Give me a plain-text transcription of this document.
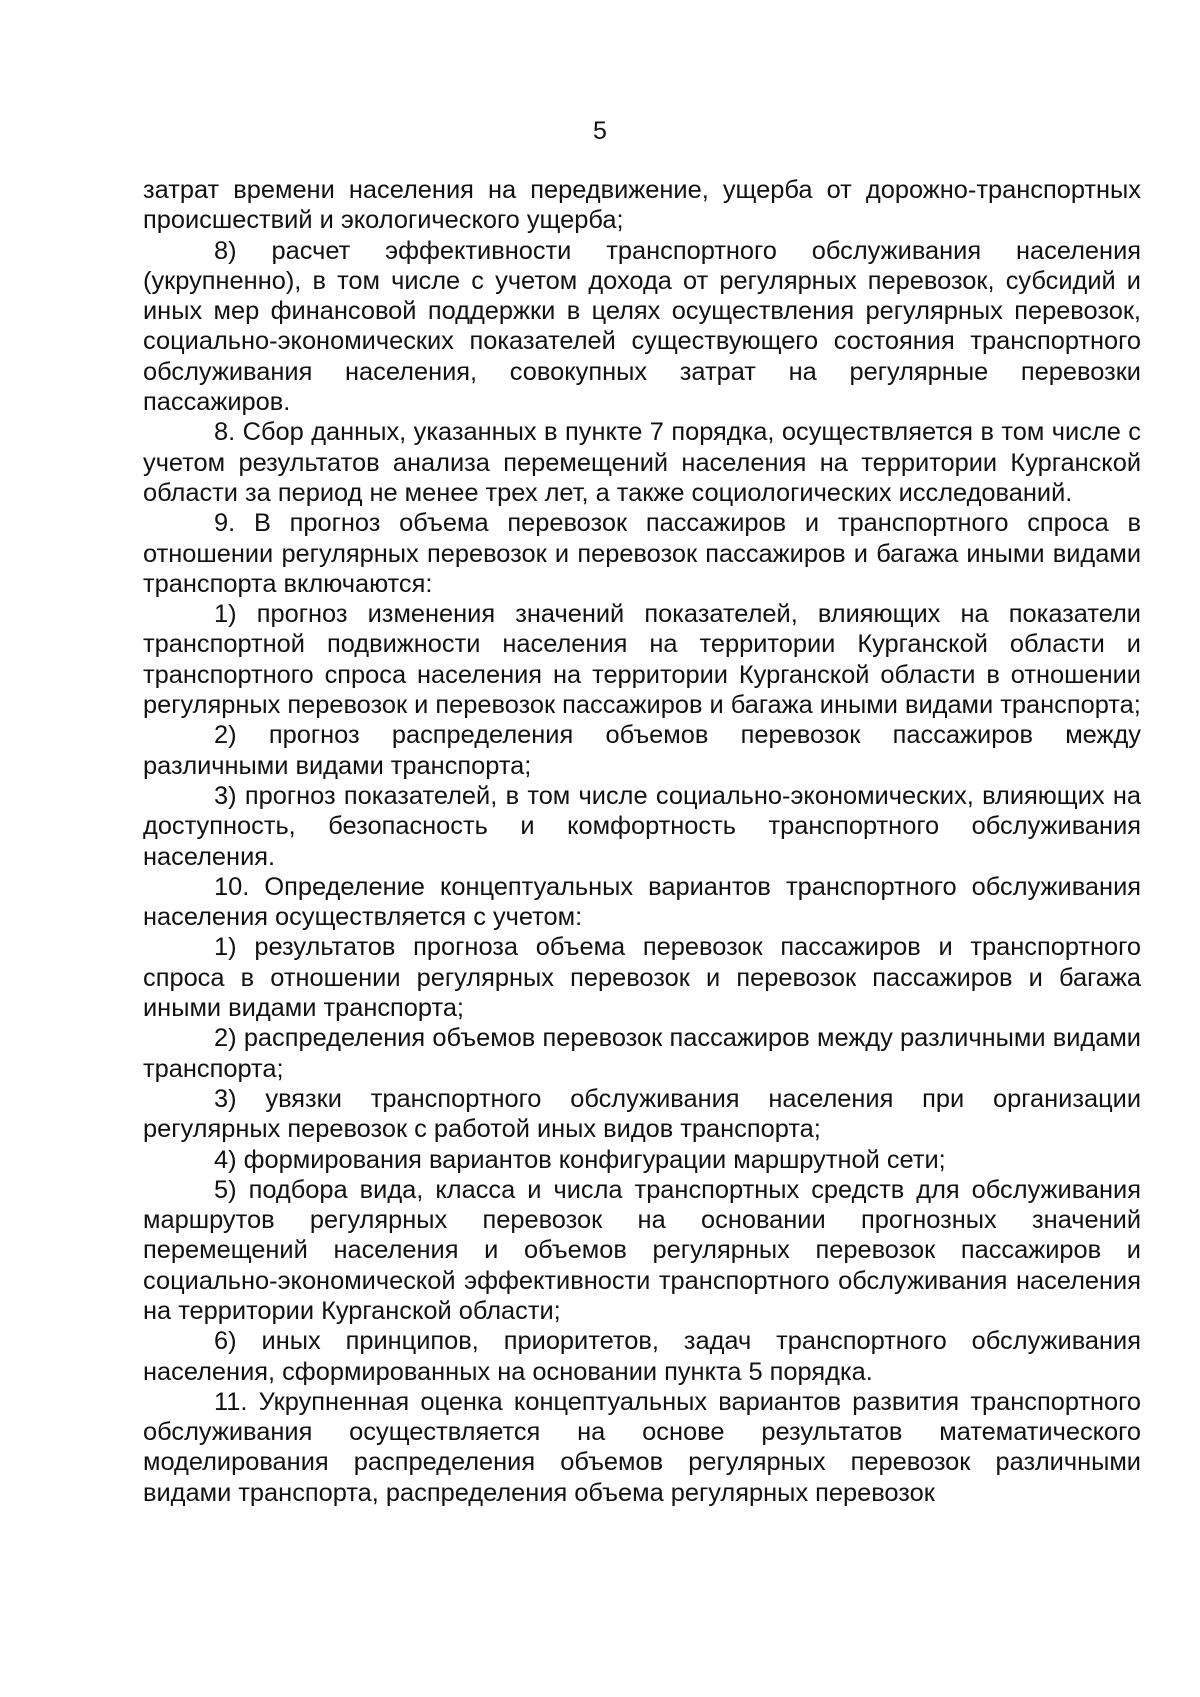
5

затрат времени населения на передвижение, ущерба от дорожно-транспортных происшествий и экологического ущерба;

8) расчет эффективности транспортного обслуживания населения (укрупненно), в том числе с учетом дохода от регулярных перевозок, субсидий и иных мер финансовой поддержки в целях осуществления регулярных перевозок, социально-экономических показателей существующего состояния транспортного обслуживания населения, совокупных затрат на регулярные перевозки пассажиров.

8. Сбор данных, указанных в пункте 7 порядка, осуществляется в том числе с учетом результатов анализа перемещений населения на территории Курганской области за период не менее трех лет, а также социологических исследований.

9. В прогноз объема перевозок пассажиров и транспортного спроса в отношении регулярных перевозок и перевозок пассажиров и багажа иными видами транспорта включаются:

1) прогноз изменения значений показателей, влияющих на показатели транспортной подвижности населения на территории Курганской области и транспортного спроса населения на территории Курганской области в отношении регулярных перевозок и перевозок пассажиров и багажа иными видами транспорта;

2) прогноз распределения объемов перевозок пассажиров между различными видами транспорта;

3) прогноз показателей, в том числе социально-экономических, влияющих на доступность, безопасность и комфортность транспортного обслуживания населения.

10. Определение концептуальных вариантов транспортного обслуживания населения осуществляется с учетом:

1) результатов прогноза объема перевозок пассажиров и транспортного спроса в отношении регулярных перевозок и перевозок пассажиров и багажа иными видами транспорта;

2) распределения объемов перевозок пассажиров между различными видами транспорта;

3) увязки транспортного обслуживания населения при организации регулярных перевозок с работой иных видов транспорта;

4) формирования вариантов конфигурации маршрутной сети;

5) подбора вида, класса и числа транспортных средств для обслуживания маршрутов регулярных перевозок на основании прогнозных значений перемещений населения и объемов регулярных перевозок пассажиров и социально-экономической эффективности транспортного обслуживания населения на территории Курганской области;

6) иных принципов, приоритетов, задач транспортного обслуживания населения, сформированных на основании пункта 5 порядка.

11. Укрупненная оценка концептуальных вариантов развития транспортного обслуживания осуществляется на основе результатов математического моделирования распределения объемов регулярных перевозок различными видами транспорта, распределения объема регулярных перевозок
